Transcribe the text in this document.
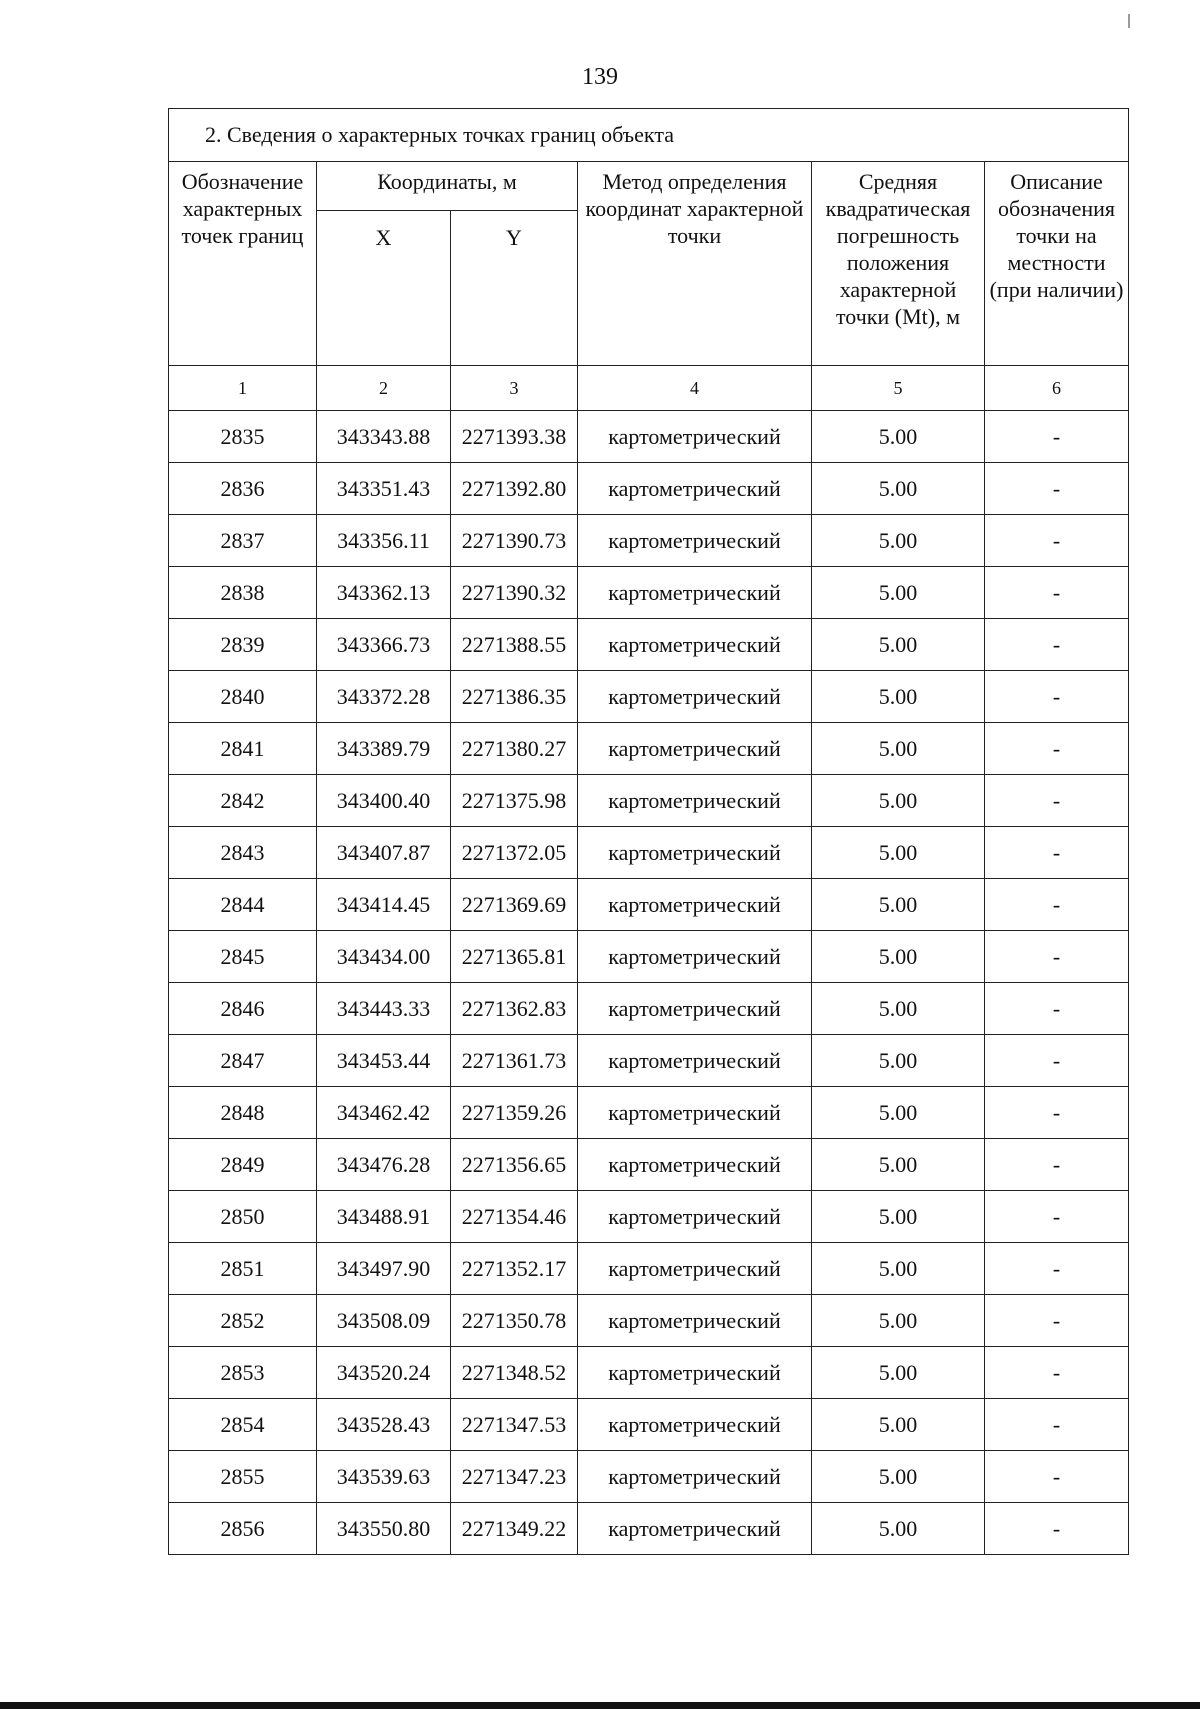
139
2. Сведения о характерных точках границ объекта					
Обозначение характерных точек границ	Координаты, м		Метод определения координат характерной точки	Средняя квадратическая погрешность положения характерной точки (Mt), м	Описание обозначения точки на местности (при наличии)
	X	Y			
1	2	3	4	5	6
2835	343343.88	2271393.38	картометрический	5.00	-
2836	343351.43	2271392.80	картометрический	5.00	-
2837	343356.11	2271390.73	картометрический	5.00	-
2838	343362.13	2271390.32	картометрический	5.00	-
2839	343366.73	2271388.55	картометрический	5.00	-
2840	343372.28	2271386.35	картометрический	5.00	-
2841	343389.79	2271380.27	картометрический	5.00	-
2842	343400.40	2271375.98	картометрический	5.00	-
2843	343407.87	2271372.05	картометрический	5.00	-
2844	343414.45	2271369.69	картометрический	5.00	-
2845	343434.00	2271365.81	картометрический	5.00	-
2846	343443.33	2271362.83	картометрический	5.00	-
2847	343453.44	2271361.73	картометрический	5.00	-
2848	343462.42	2271359.26	картометрический	5.00	-
2849	343476.28	2271356.65	картометрический	5.00	-
2850	343488.91	2271354.46	картометрический	5.00	-
2851	343497.90	2271352.17	картометрический	5.00	-
2852	343508.09	2271350.78	картометрический	5.00	-
2853	343520.24	2271348.52	картометрический	5.00	-
2854	343528.43	2271347.53	картометрический	5.00	-
2855	343539.63	2271347.23	картометрический	5.00	-
2856	343550.80	2271349.22	картометрический	5.00	-
